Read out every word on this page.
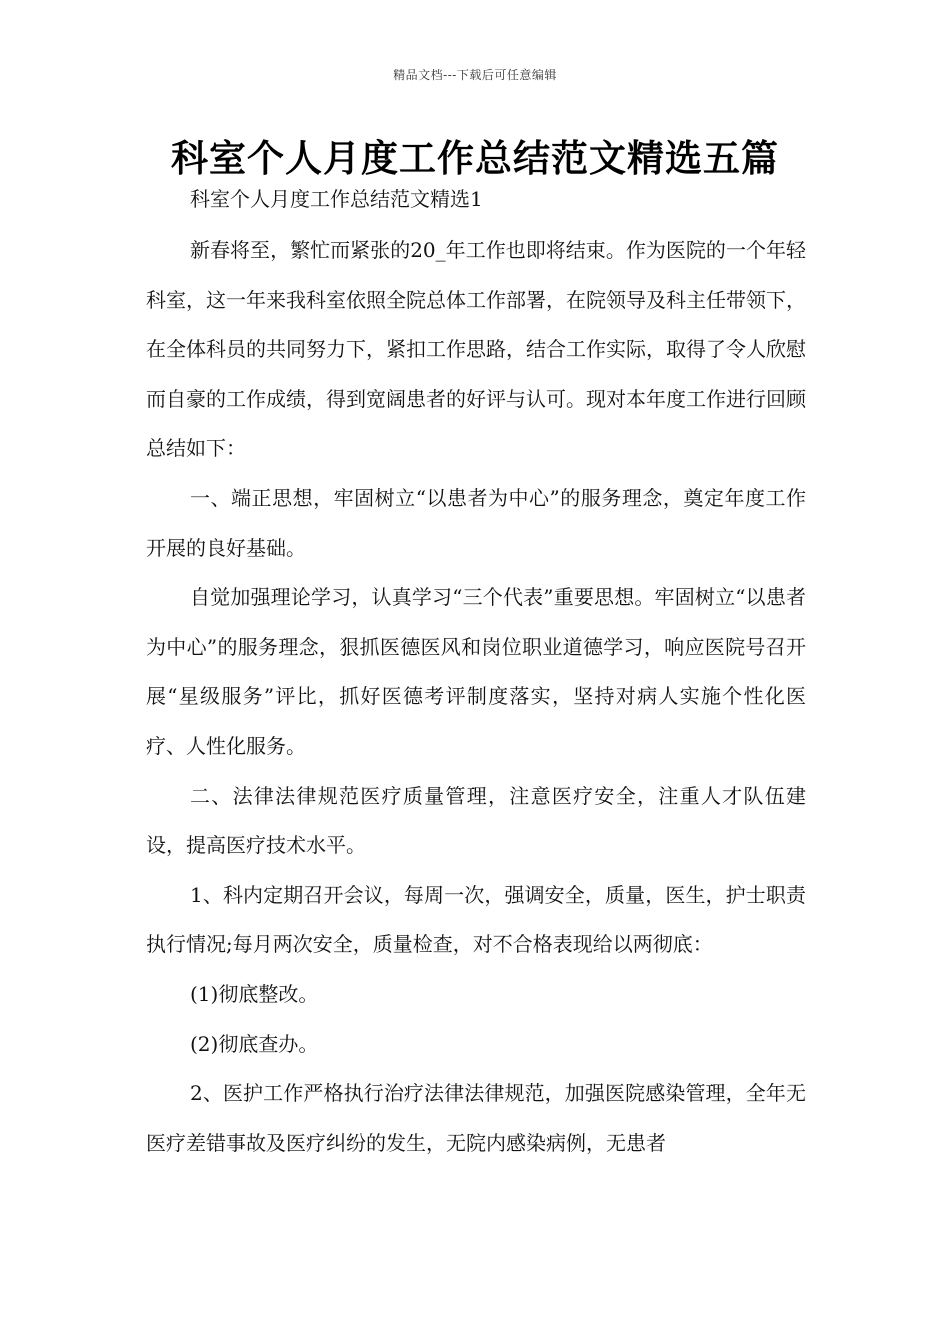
精品文档---下载后可任意编辑
科室个人月度工作总结范文精选五篇
科室个人月度工作总结范文精选1

新春将至，繁忙而紧张的20_年工作也即将结束。作为医院的一个年轻科室，这一年来我科室依照全院总体工作部署，在院领导及科主任带领下，在全体科员的共同努力下，紧扣工作思路，结合工作实际，取得了令人欣慰而自豪的工作成绩，得到宽阔患者的好评与认可。现对本年度工作进行回顾总结如下：

一、端正思想，牢固树立“以患者为中心”的服务理念，奠定年度工作开展的良好基础。

自觉加强理论学习，认真学习“三个代表”重要思想。牢固树立“以患者为中心”的服务理念，狠抓医德医风和岗位职业道德学习，响应医院号召开展“星级服务”评比，抓好医德考评制度落实，坚持对病人实施个性化医疗、人性化服务。

二、法律法律规范医疗质量管理，注意医疗安全，注重人才队伍建设，提高医疗技术水平。

1、科内定期召开会议，每周一次，强调安全，质量，医生，护士职责执行情况;每月两次安全，质量检查，对不合格表现给以两彻底：

(1)彻底整改。

(2)彻底查办。

2、医护工作严格执行治疗法律法律规范，加强医院感染管理，全年无医疗差错事故及医疗纠纷的发生，无院内感染病例，无患者
